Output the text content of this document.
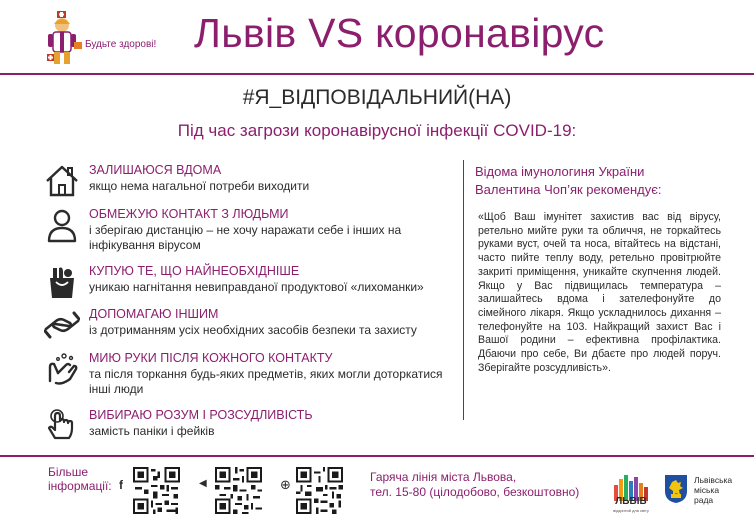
Будьте здорові! Львів VS коронавірус
#Я_ВІДПОВІДАЛЬНИЙ(НА)
Під час загрози коронавірусної інфекції COVID-19:
ЗАЛИШАЮСЯ ВДОМА
якщо нема нагальної потреби виходити
ОБМЕЖУЮ КОНТАКТ З ЛЮДЬМИ
і зберігаю дистанцію – не хочу наражати себе і інших на інфікування вірусом
КУПУЮ ТЕ, ЩО НАЙНЕОБХІДНІШЕ
уникаю нагнітання невиправданої продуктової «лихоманки»
ДОПОМАГАЮ ІНШИМ
із дотриманням усіх необхідних засобів безпеки та захисту
МИЮ РУКИ ПІСЛЯ КОЖНОГО КОНТАКТУ
та після торкання будь-яких предметів, яких могли доторкатися інші люди
ВИБИРАЮ РОЗУМ І РОЗСУДЛИВІСТЬ
замість паніки і фейків
Відома імунологиня України
Валентина Чоп’як рекомендує:
«Щоб Ваш імунітет захистив вас від вірусу, ретельно мийте руки та обличчя, не торкайтесь руками вуст, очей та носа, вітайтесь на відстані, часто пийте теплу воду, ретельно провітрюйте закриті приміщення, уникайте скупчення людей. Якщо у Вас підвищилась температура – залишайтесь вдома і зателефонуйте до сімейного лікаря. Якщо ускладнилось дихання – телефонуйте на 103. Найкращий захист Вас і Вашої родини – ефективна профілактика. Дбаючи про себе, Ви дбаєте про людей поруч. Зберігайте розсудливість».
Більше
інформації: f	◀	⊕	Гаряча лінія міста Львова,
тел. 15-80 (цілодобово, безкоштовно)
ЛЬВІВ
відкритий для світу
Львівська
міська
рада
